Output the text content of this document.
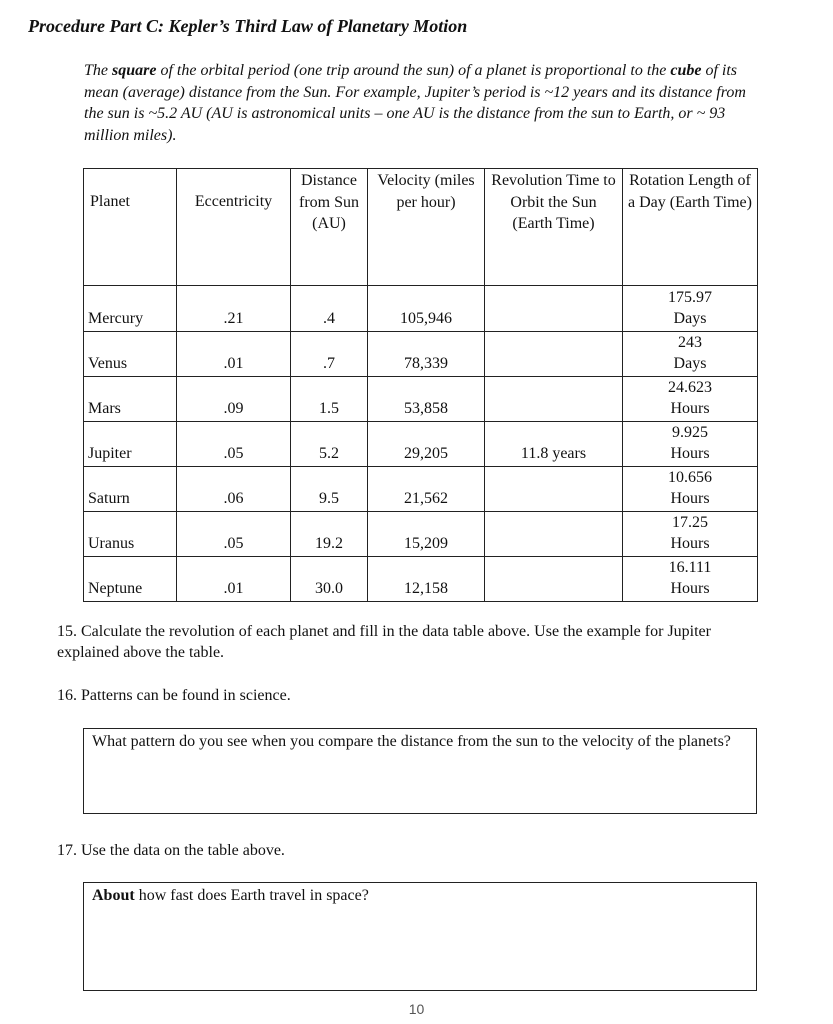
Procedure Part C: Kepler’s Third Law of Planetary Motion
The square of the orbital period (one trip around the sun) of a planet is proportional to the cube of its mean (average) distance from the Sun. For example, Jupiter’s period is ~12 years and its distance from the sun is ~5.2 AU (AU is astronomical units – one AU is the distance from the sun to Earth, or ~ 93 million miles).
Planet	Eccentricity	Distance from Sun (AU)	Velocity (miles per hour)	Revolution Time to Orbit the Sun (Earth Time)	Rotation Length of a Day (Earth Time)
Mercury	.21	.4	105,946		175.97
Days

Venus	.01	.7	78,339		243
Days

Mars	.09	1.5	53,858		24.623
Hours

Jupiter	.05	5.2	29,205	11.8 years	9.925
Hours

Saturn	.06	9.5	21,562		10.656
Hours

Uranus	.05	19.2	15,209		17.25
Hours

Neptune	.01	30.0	12,158		16.111
Hours
15. Calculate the revolution of each planet and fill in the data table above. Use the example for Jupiter explained above the table.
16. Patterns can be found in science.
What pattern do you see when you compare the distance from the sun to the velocity of the planets?
17. Use the data on the table above.
About how fast does Earth travel in space?
10
